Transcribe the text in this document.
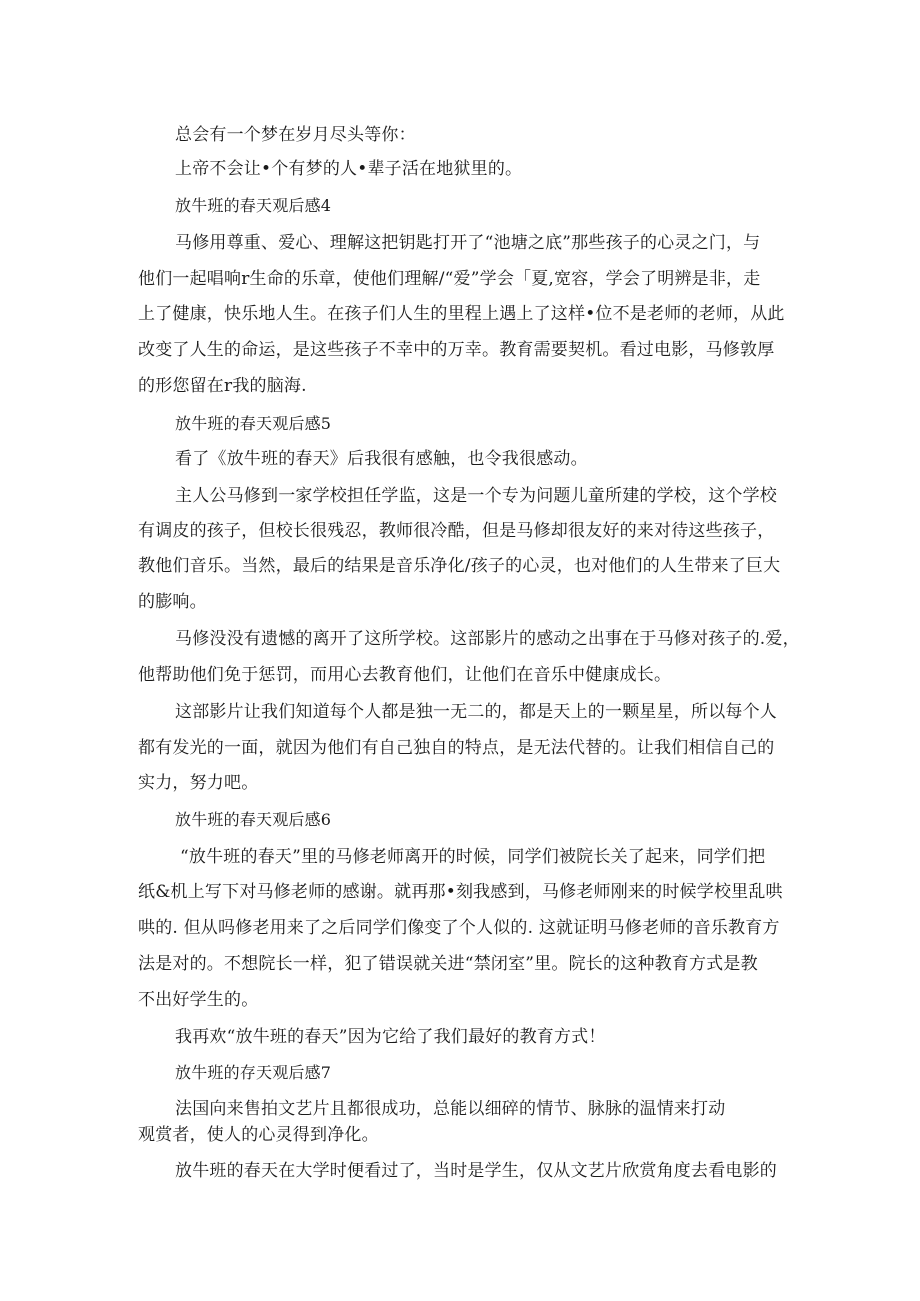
总会有一个梦在岁月尽头等你：
上帝不会让•个有梦的人•辈子活在地狱里的。
放牛班的春天观后感4
马修用尊重、爱心、理解这把钥匙打开了“池塘之底”那些孩子的心灵之门，与
他们一起唱响r生命的乐章，使他们理解/“爱”学会「夏,宽容，学会了明辨是非，走
上了健康，快乐地人生。在孩子们人生的里程上遇上了这样•位不是老师的老师，从此
改变了人生的命运，是这些孩子不幸中的万幸。教育需要契机。看过电影，马修敦厚
的形您留在r我的脑海.
放牛班的春天观后感5
看了《放牛班的春天》后我很有感触，也令我很感动。
主人公马修到一家学校担任学监，这是一个专为问题儿童所建的学校，这个学校
有调皮的孩子，但校长很残忍，教师很冷酷，但是马修却很友好的来对待这些孩子，
教他们音乐。当然，最后的结果是音乐净化/孩子的心灵，也对他们的人生带来了巨大
的膨响。
马修没没有遗憾的离开了这所学校。这部影片的感动之出事在于马修对孩子的.爱，
他帮助他们免于惩罚，而用心去教育他们，让他们在音乐中健康成长。
这部影片让我们知道每个人都是独一无二的，都是天上的一颗星星，所以每个人
都有发光的一面，就因为他们有自己独自的特点，是无法代替的。让我们相信自己的
实力，努力吧。
放牛班的春天观后感6
“放牛班的春天”里的马修老师离开的时候，同学们被院长关了起来，同学们把
纸&机上写下对马修老师的感谢。就再那•刻我感到，马修老师刚来的时候学校里乱哄
哄的. 但从吗修老用来了之后同学们像变了个人似的. 这就证明马修老师的音乐教育方
法是对的。不想院长一样，犯了错误就关进“禁闭室”里。院长的这种教育方式是教
不出好学生的。
我再欢“放牛班的春天”因为它给了我们最好的教育方式！
放牛班的存天观后感7
法国向来售拍文艺片且都很成功，总能以细碎的情节、脉脉的温情来打动
观赏者，使人的心灵得到净化。
放牛班的春天在大学时便看过了，当时是学生，仅从文艺片欣赏角度去看电影的
